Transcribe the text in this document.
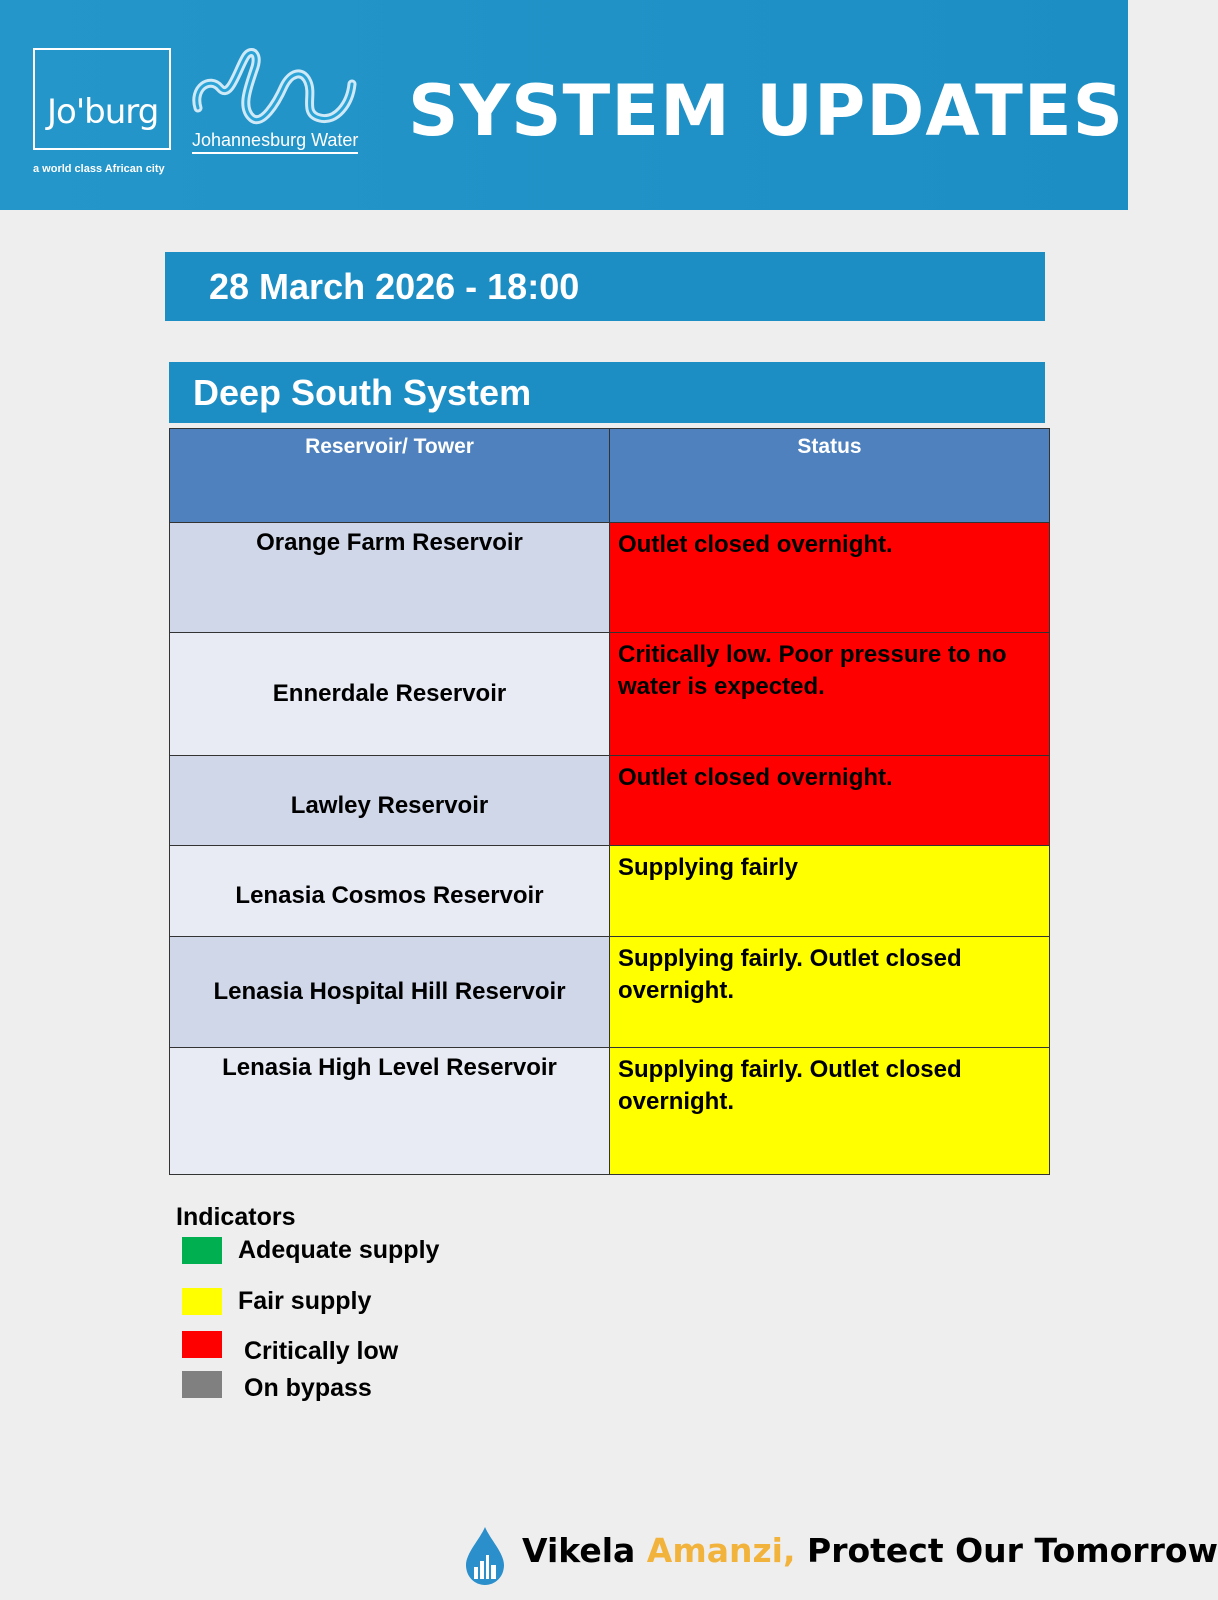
Jo'burg
a world class African city
Johannesburg Water SYSTEM UPDATES
28 March 2026 - 18:00
Deep South System
Reservoir/ Tower	Status
Orange Farm Reservoir	Outlet closed overnight.
Ennerdale Reservoir	Critically low. Poor pressure to no water is expected.
Lawley Reservoir	Outlet closed overnight.
Lenasia Cosmos Reservoir	Supplying fairly
Lenasia Hospital Hill Reservoir	Supplying fairly. Outlet closed overnight.
Lenasia High Level Reservoir	Supplying fairly. Outlet closed overnight.
Indicators
Adequate supply
Fair supply
Critically low
On bypass
Vikela Amanzi, Protect Our Tomorrow
